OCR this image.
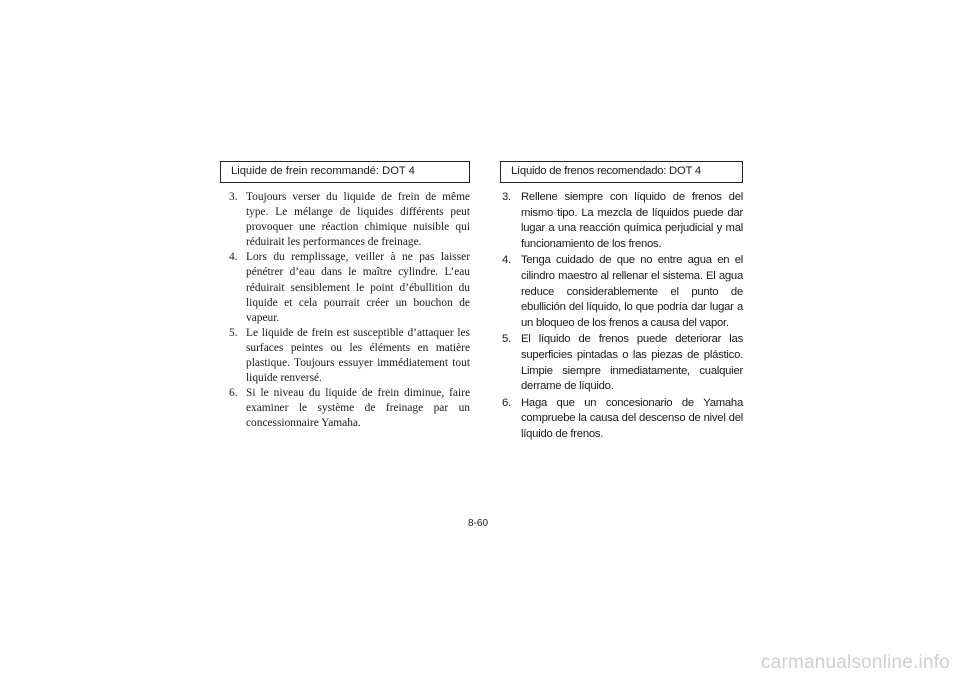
Liquide de frein recommandé: DOT 4
3. Toujours verser du liquide de frein de même type. Le mélange de liquides différents peut provoquer une réaction chimique nuisible qui réduirait les performances de freinage.
4. Lors du remplissage, veiller à ne pas laisser pénétrer d’eau dans le maître cylindre. L’eau réduirait sensiblement le point d’ébullition du liquide et cela pourrait créer un bouchon de vapeur.
5. Le liquide de frein est susceptible d’attaquer les surfaces peintes ou les éléments en matière plastique. Toujours essuyer immédiatement tout liquide renversé.
6. Si le niveau du liquide de frein diminue, faire examiner le système de freinage par un concessionnaire Yamaha.
Líquido de frenos recomendado: DOT 4
3. Rellene siempre con líquido de frenos del mismo tipo. La mezcla de líquidos puede dar lugar a una reacción química perjudicial y mal funcionamiento de los frenos.
4. Tenga cuidado de que no entre agua en el cilindro maestro al rellenar el sistema. El agua reduce considerablemente el punto de ebullición del líquido, lo que podría dar lugar a un bloqueo de los frenos a causa del vapor.
5. El líquido de frenos puede deteriorar las superficies pintadas o las piezas de plástico. Limpie siempre inmediatamente, cualquier derrame de líquido.
6. Haga que un concesionario de Yamaha compruebe la causa del descenso de nivel del líquido de frenos.
8-60
carmanualsonline.info
